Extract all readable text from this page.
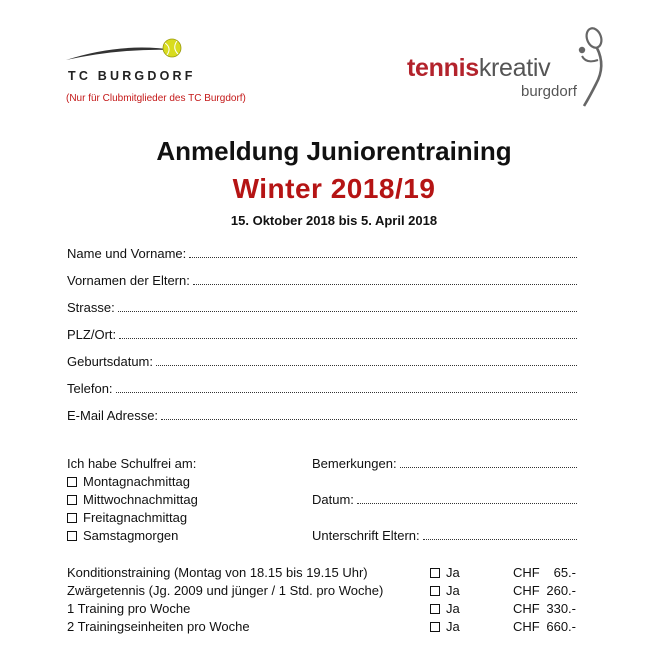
TC BURGDORF
(Nur für Clubmitglieder des TC Burgdorf)
tenniskreativ
burgdorf
Anmeldung Juniorentraining
Winter 2018/19
15. Oktober 2018 bis 5. April 2018
Name und Vorname:
Vornamen der Eltern:
Strasse:
PLZ/Ort:
Geburtsdatum:
Telefon:
E-Mail Adresse:
Ich habe Schulfrei am:
Montagnachmittag
Mittwochnachmittag
Freitagnachmittag
Samstagmorgen
Bemerkungen:
Datum:
Unterschrift Eltern:
Konditionstraining (Montag von 18.15 bis 19.15 Uhr)	Ja	CHF	65.-
Zwärgetennis (Jg. 2009 und jünger / 1 Std. pro Woche)	Ja	CHF 260.-
1 Training pro Woche	Ja	CHF 330.-
2 Trainingseinheiten pro Woche	Ja	CHF 660.-
